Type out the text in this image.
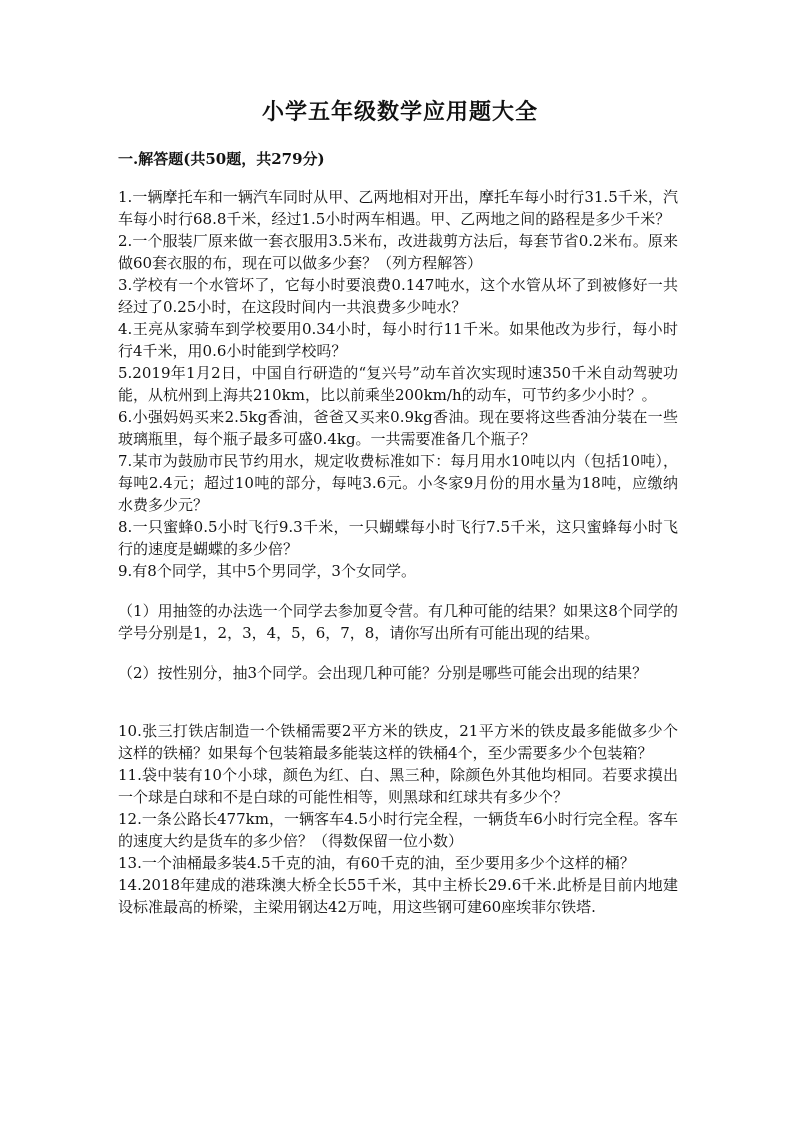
小学五年级数学应用题大全
一.解答题(共50题，共279分)

1.一辆摩托车和一辆汽车同时从甲、乙两地相对开出，摩托车每小时行31.5千米，汽车每小时行68.8千米，经过1.5小时两车相遇。甲、乙两地之间的路程是多少千米？

2.一个服装厂原来做一套衣服用3.5米布，改进裁剪方法后，每套节省0.2米布。原来做60套衣服的布，现在可以做多少套？（列方程解答）

3.学校有一个水管坏了，它每小时要浪费0.147吨水，这个水管从坏了到被修好一共经过了0.25小时，在这段时间内一共浪费多少吨水？

4.王亮从家骑车到学校要用0.34小时，每小时行11千米。如果他改为步行，每小时行4千米，用0.6小时能到学校吗？

5.2019年1月2日，中国自行研造的“复兴号”动车首次实现时速350千米自动驾驶功能，从杭州到上海共210km，比以前乘坐200km/h的动车，可节约多少小时？。

6.小强妈妈买来2.5kg香油，爸爸又买来0.9kg香油。现在要将这些香油分装在一些玻璃瓶里，每个瓶子最多可盛0.4kg。一共需要准备几个瓶子？

7.某市为鼓励市民节约用水，规定收费标准如下：每月用水10吨以内（包括10吨），每吨2.4元；超过10吨的部分，每吨3.6元。小冬家9月份的用水量为18吨，应缴纳水费多少元？

8.一只蜜蜂0.5小时飞行9.3千米，一只蝴蝶每小时飞行7.5千米，这只蜜蜂每小时飞行的速度是蝴蝶的多少倍？

9.有8个同学，其中5个男同学，3个女同学。

（1）用抽签的办法选一个同学去参加夏令营。有几种可能的结果？如果这8个同学的学号分别是1，2，3，4，5，6，7，8，请你写出所有可能出现的结果。

（2）按性别分，抽3个同学。会出现几种可能？分别是哪些可能会出现的结果？

10.张三打铁店制造一个铁桶需要2平方米的铁皮，21平方米的铁皮最多能做多少个这样的铁桶？如果每个包装箱最多能装这样的铁桶4个，至少需要多少个包装箱？

11.袋中装有10个小球，颜色为红、白、黑三种，除颜色外其他均相同。若要求摸出一个球是白球和不是白球的可能性相等，则黑球和红球共有多少个？

12.一条公路长477km，一辆客车4.5小时行完全程，一辆货车6小时行完全程。客车的速度大约是货车的多少倍？（得数保留一位小数）

13.一个油桶最多装4.5千克的油，有60千克的油，至少要用多少个这样的桶？

14.2018年建成的港珠澳大桥全长55千米，其中主桥长29.6千米.此桥是目前内地建设标准最高的桥梁，主梁用钢达42万吨，用这些钢可建60座埃菲尔铁塔.
